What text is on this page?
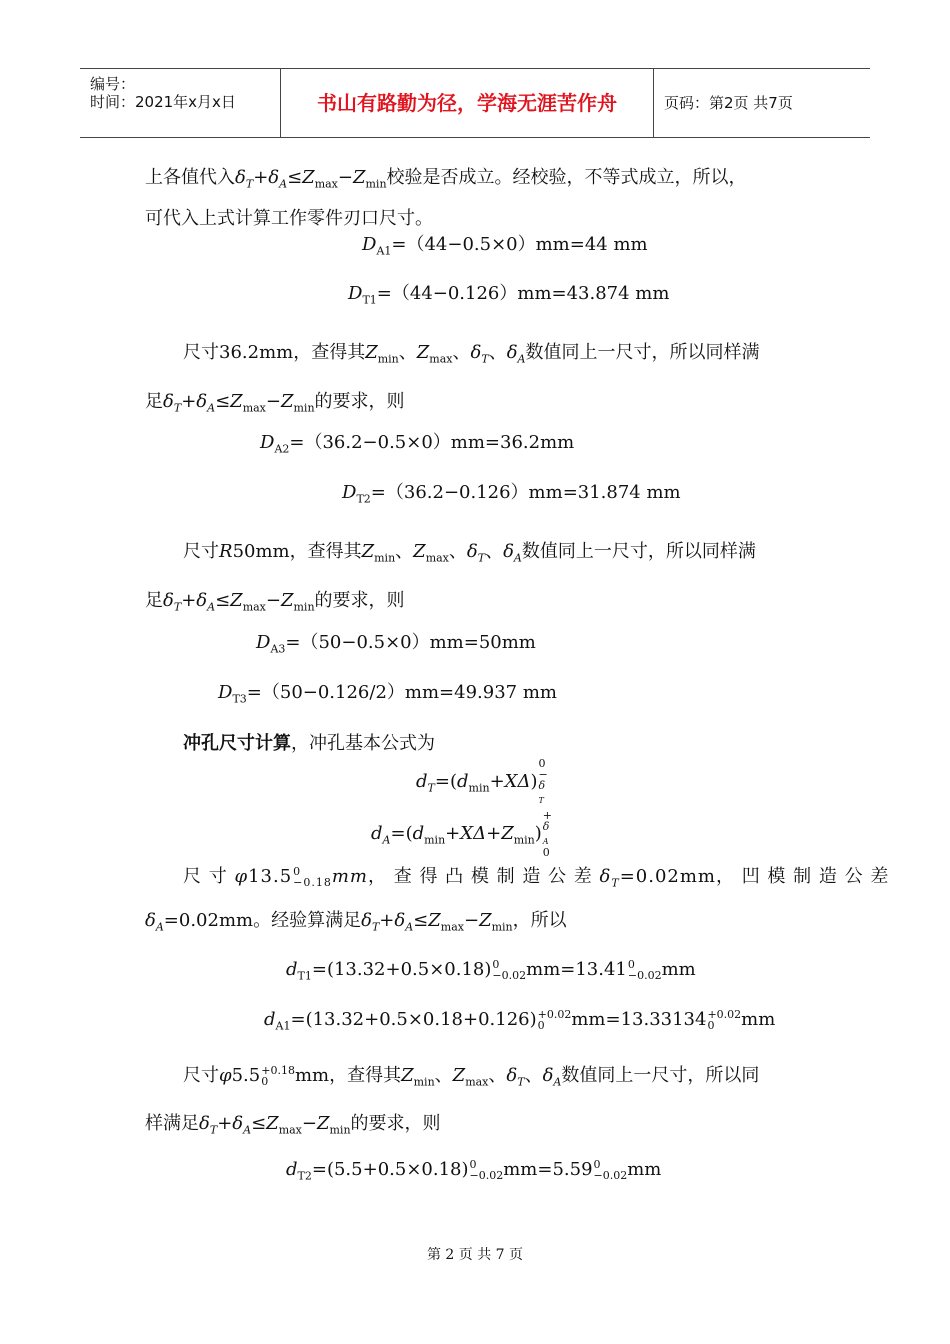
编号：
时间：2021年x月x日	书山有路勤为径，学海无涯苦作舟	页码：第2页 共7页
上各值代入$\delta_T+\delta_A\le Z_{max}-Z_{min}$校验是否成立。经校验，不等式成立，所以，
可代入上式计算工作零件刃口尺寸。
$D_{A1}=(44-0.5\times 0)mm=44$ mm
$D_{T1}=(44-0.126)mm=43.874$ mm
尺寸36.2mm，查得其$Z_{min}$、$Z_{max}$、$\delta_T$、$\delta_A$数值同上一尺寸，所以同样满
足$\delta_T+\delta_A\le Z_{max}-Z_{min}$的要求，则
$D_{A2}=(36.2-0.5\times 0)mm=36.2mm$
$D_{T2}=(36.2-0.126)mm=31.874$ mm
尺寸R50mm，查得其$Z_{min}$、$Z_{max}$、$\delta_T$、$\delta_A$数值同上一尺寸，所以同样满
足$\delta_T+\delta_A\le Z_{max}-Z_{min}$的要求，则
$D_{A3}=(50-0.5\times 0)mm=50mm$
$D_{T3}=(50-0.126/2)mm=49.937$ mm
冲孔尺寸计算，冲孔基本公式为
$d_T=(d_{min}+X\Delta)$
0
−
δ
$_T$
$d_A=(d_{min}+X\Delta+Z_{min})$
+
δ
$_A$
0
尺 寸 φ13.5 0
−0.18 mm， 查 得 凸 模 制 造 公 差 $\delta_T=0.02mm$， 凹 模 制 造 公 差
$\delta_A=0.02mm$。经验算满足$\delta_T+\delta_A\le Z_{max}-Z_{min}$，所以
$d_{T1}=(13.32+0.5\times 0.18)$ 0
−0.02 mm=13.41 0
−0.02 mm
$d_{A1}=(13.32+0.5\times 0.18+0.126) +0.02$
0	mm=13.33134 +0.02
0	mm
尺寸φ5.5 +0.18
0	mm，查得其$Z_{min}$、$Z_{max}$、$\delta_T$、$\delta_A$数值同上一尺寸，所以同
样满足$\delta_T+\delta_A\le Z_{max}-Z_{min}$的要求，则
$d_{T2}=(5.5+0.5\times 0.18)$ 0
−0.02 mm=5.59 0
−0.02 mm
第 2 页 共 7 页
